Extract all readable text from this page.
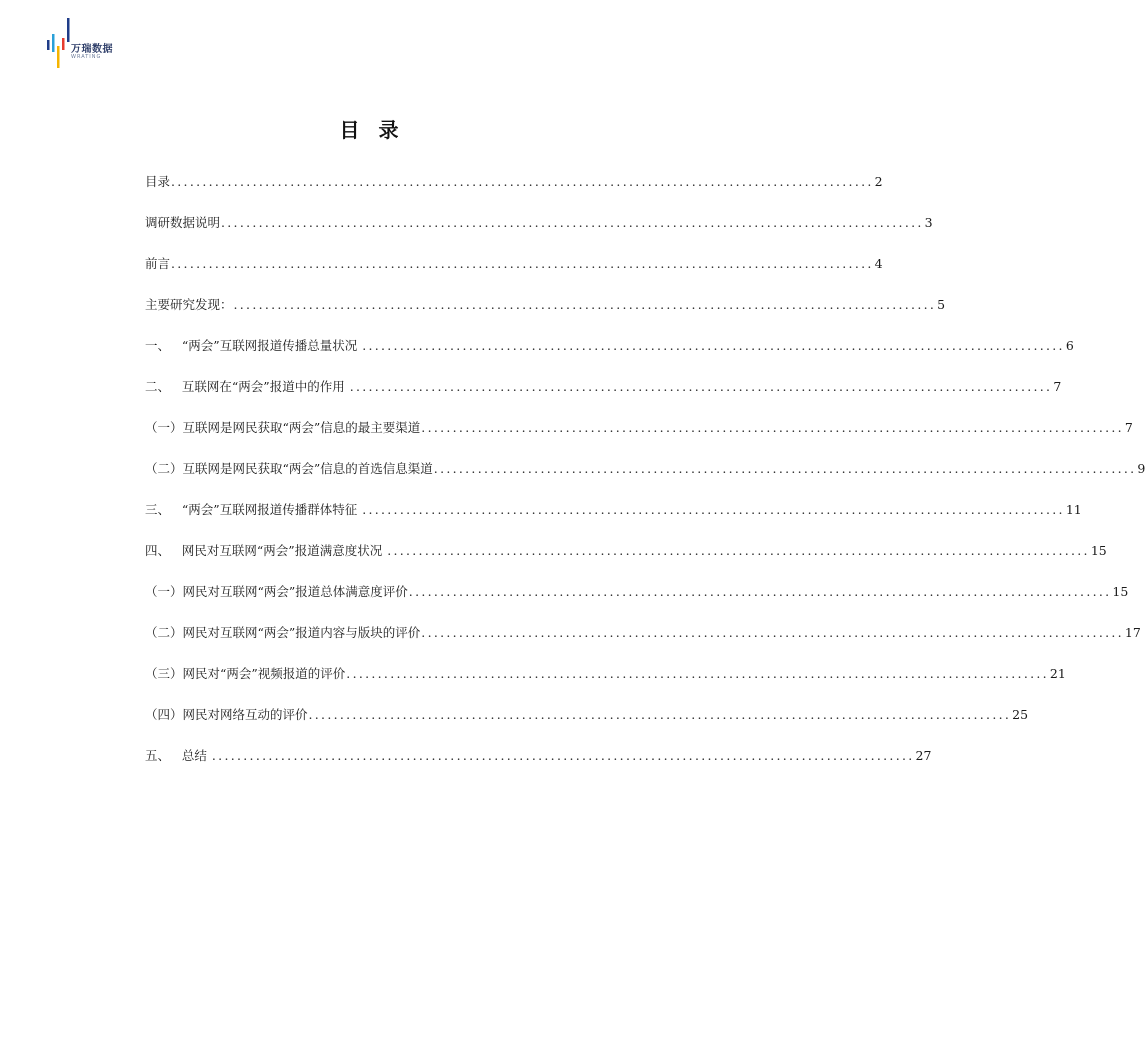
万瑞数据
WRATING
目 录
目录 ................................................................................................................ 2
调研数据说明 ................................................................................................................ 3
前言 ................................................................................................................ 4
主要研究发现： ................................................................................................................ 5
一、   “两会”互联网报道传播总量状况 ................................................................................................................ 6
二、   互联网在“两会”报道中的作用 ................................................................................................................ 7
（一）互联网是网民获取“两会”信息的最主要渠道 ................................................................................................................ 7
（二）互联网是网民获取“两会”信息的首选信息渠道 ................................................................................................................ 9
三、   “两会”互联网报道传播群体特征 ................................................................................................................ 11
四、   网民对互联网“两会”报道满意度状况 ................................................................................................................ 15
（一）网民对互联网“两会”报道总体满意度评价 ................................................................................................................ 15
（二）网民对互联网“两会”报道内容与版块的评价 ................................................................................................................ 17
（三）网民对“两会”视频报道的评价 ................................................................................................................ 21
（四）网民对网络互动的评价 ................................................................................................................ 25
五、   总结 ................................................................................................................ 27
